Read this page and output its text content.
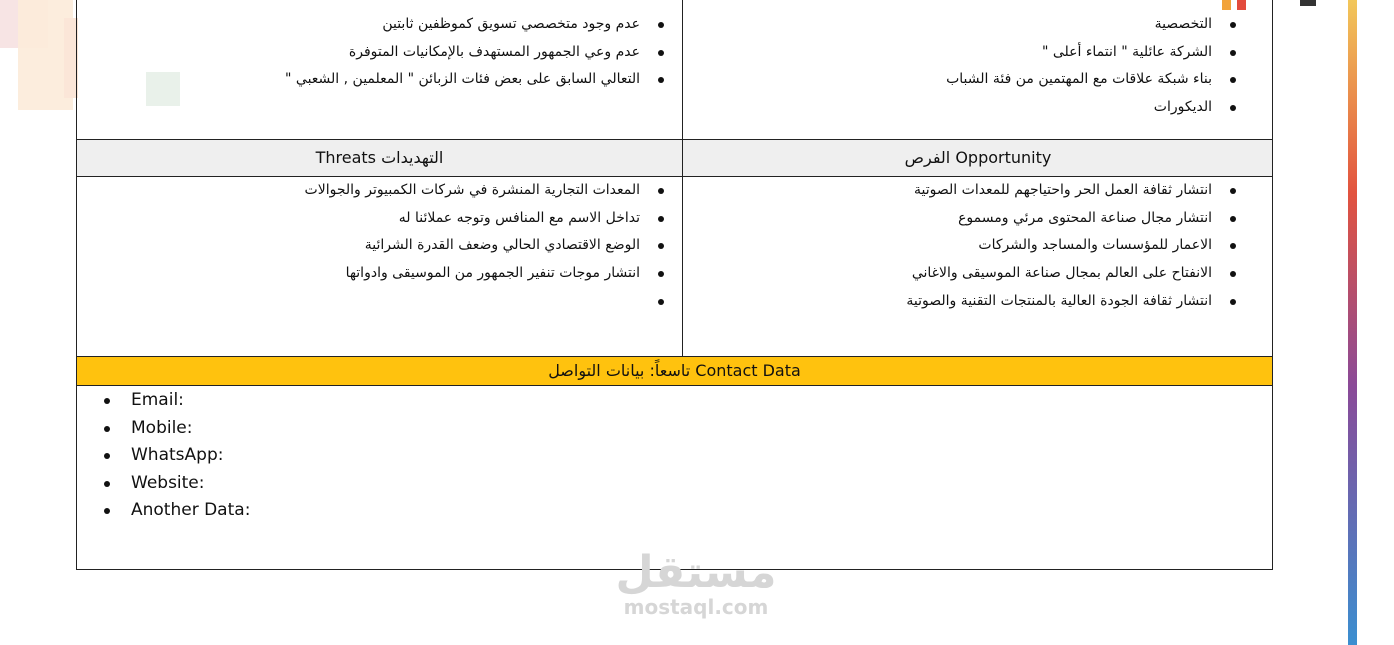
عدم وجود متخصصي تسويق كموظفين ثابتين
عدم وعي الجمهور المستهدف بالإمكانيات المتوفرة
التعالي السابق على بعض فئات الزبائن " المعلمين , الشعبي "
التخصصية
الشركة عائلية " انتماء أعلى "
بناء شبكة علاقات مع المهتمين من فئة الشباب
الديكورات
Threats التهديدات	الفرص Opportunity
المعدات التجارية المنشرة في شركات الكمبيوتر والجوالات
تداخل الاسم مع المنافس وتوجه عملائنا له
الوضع الاقتصادي الحالي وضعف القدرة الشرائية
انتشار موجات تنفير الجمهور من الموسيقى وادواتها
انتشار ثقافة العمل الحر واحتياجهم للمعدات الصوتية
انتشار مجال صناعة المحتوى مرئي ومسموع
الاعمار للمؤسسات والمساجد والشركات
الانفتاح على العالم بمجال صناعة الموسيقى والاغاني
انتشار ثقافة الجودة العالية بالمنتجات التقنية والصوتية
تاسعاً: بيانات التواصل Contact Data
Email:
Mobile:
WhatsApp:
Website:
Another Data:
مستقل
mostaql.com
